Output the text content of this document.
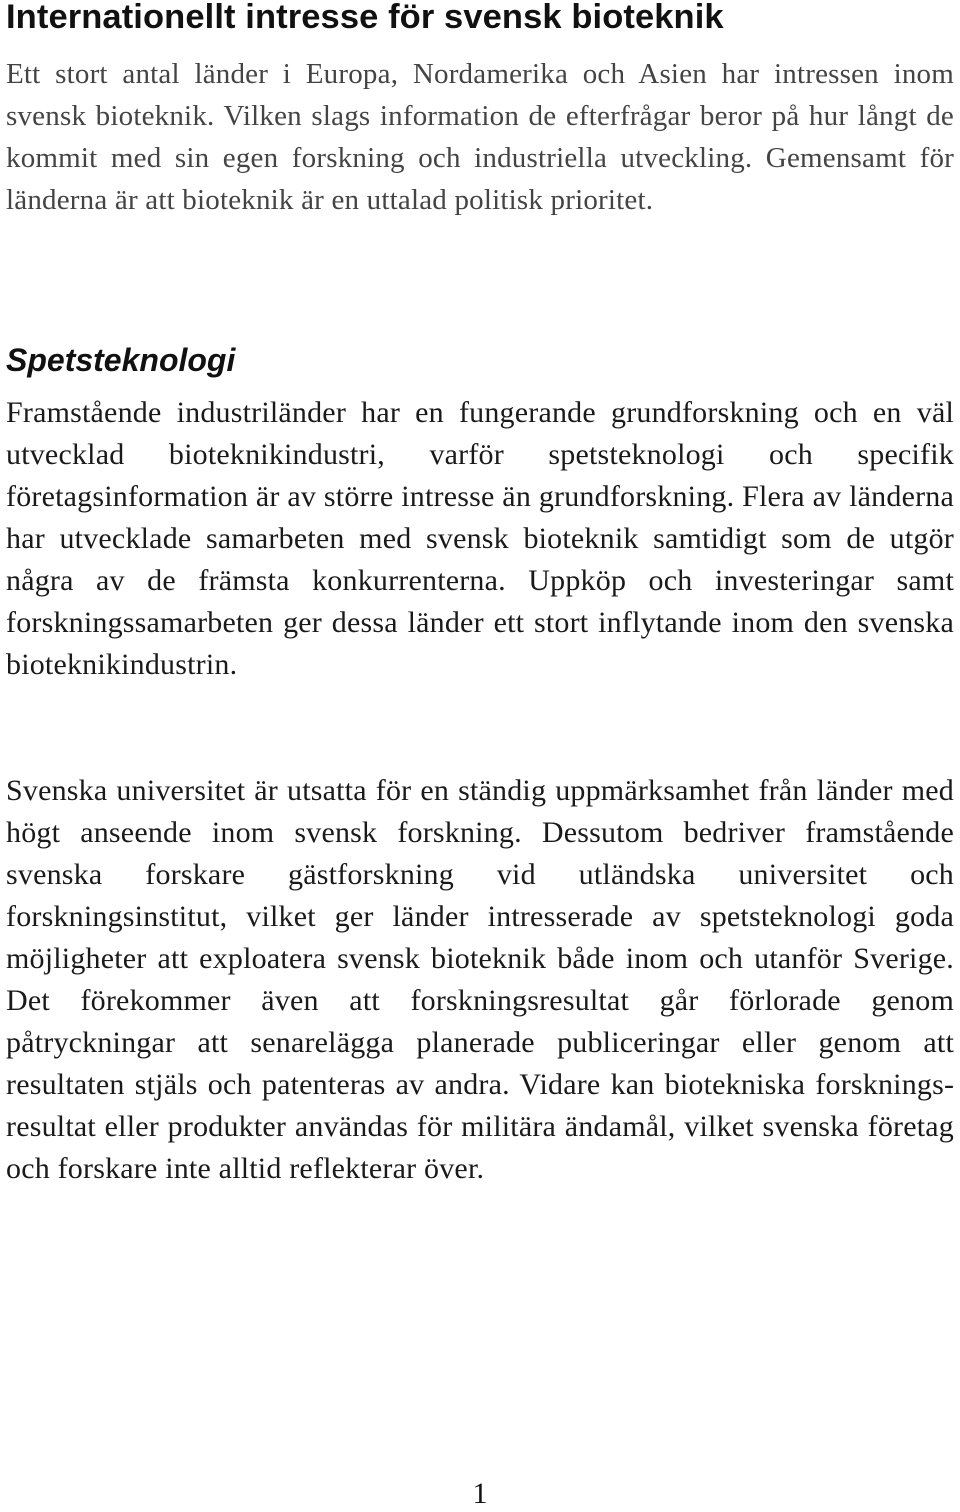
Internationellt intresse för svensk bioteknik

Ett stort antal länder i Europa, Nordamerika och Asien har intressen inom svensk bioteknik. Vilken slags information de efterfrågar beror på hur långt de kommit med sin egen forskning och industriella utveckling. Gemensamt för länderna är att bioteknik är en uttalad politisk prioritet.

Spetsteknologi

Framstående industriländer har en fungerande grundforskning och en väl utvecklad bioteknikindustri, varför spetsteknologi och specifik företagsinformation är av större intresse än grundforskning. Flera av länderna har utvecklade samarbeten med svensk bioteknik samtidigt som de utgör några av de främsta konkurrenterna. Uppköp och investeringar samt forskningssamarbeten ger dessa länder ett stort inflytande inom den svenska bioteknikindustrin.

Svenska universitet är utsatta för en ständig uppmärksamhet från länder med högt anseende inom svensk forskning. Dessutom bedriver framstående svenska forskare gästforskning vid utländska universitet och forskningsinstitut, vilket ger länder intresserade av spetsteknologi goda möjligheter att exploatera svensk bioteknik både inom och utanför Sverige. Det förekommer även att forskningsresultat går förlorade genom påtryckningar att senarelägga planerade publiceringar eller genom att resultaten stjäls och patenteras av andra. Vidare kan biotekniska forskningsresultat eller produkter användas för militära ändamål, vilket svenska företag och forskare inte alltid reflekterar över.

1
